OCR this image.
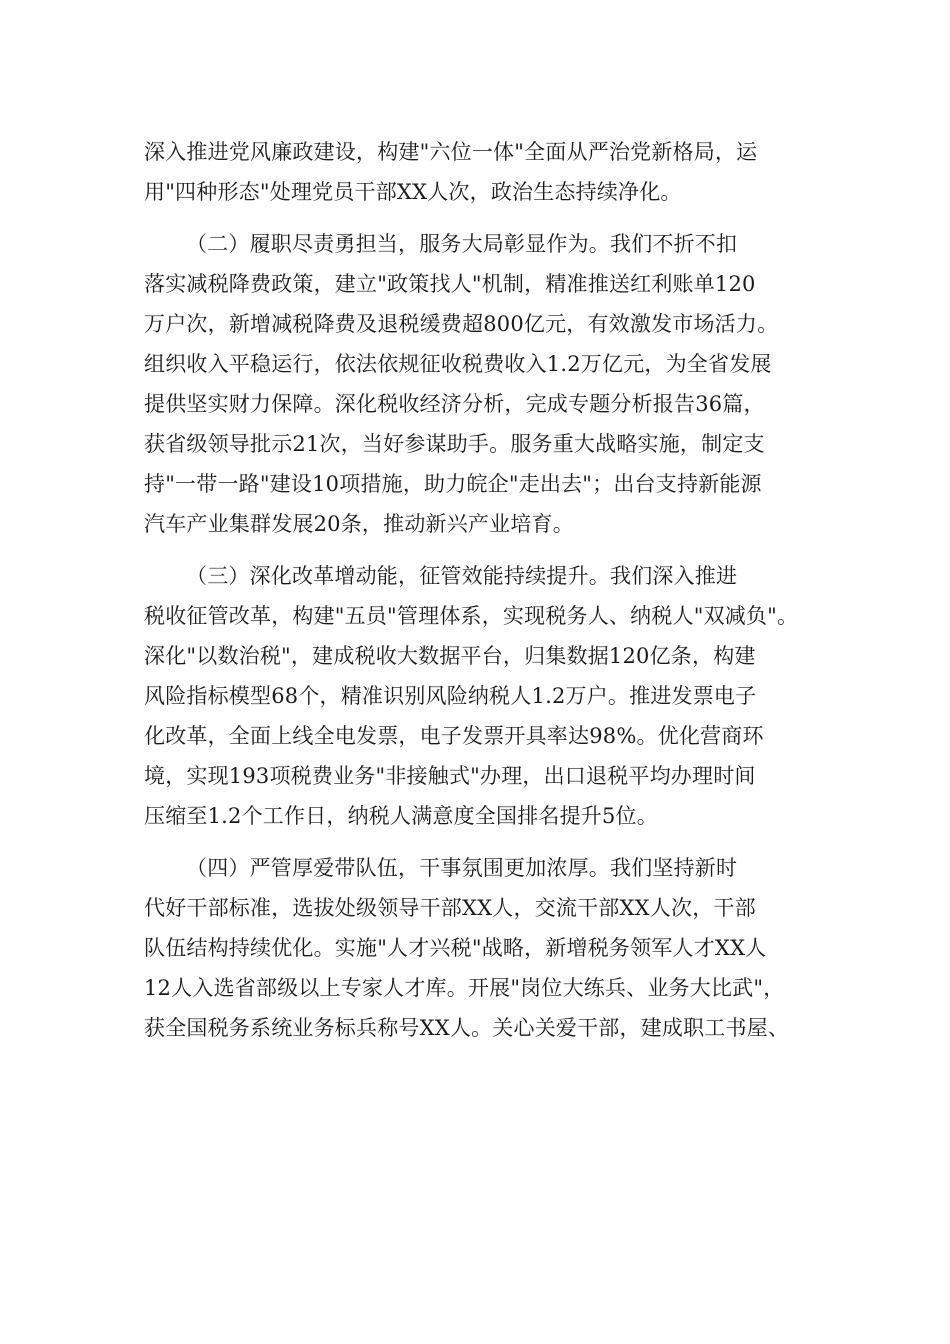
深入推进党风廉政建设，构建"六位一体"全面从严治党新格局，运
用"四种形态"处理党员干部XX人次，政治生态持续净化。

（二）履职尽责勇担当，服务大局彰显作为。我们不折不扣
落实减税降费政策，建立"政策找人"机制，精准推送红利账单120
万户次，新增减税降费及退税缓费超800亿元，有效激发市场活力。
组织收入平稳运行，依法依规征收税费收入1.2万亿元，为全省发展
提供坚实财力保障。深化税收经济分析，完成专题分析报告36篇，
获省级领导批示21次，当好参谋助手。服务重大战略实施，制定支
持"一带一路"建设10项措施，助力皖企"走出去"；出台支持新能源
汽车产业集群发展20条，推动新兴产业培育。

（三）深化改革增动能，征管效能持续提升。我们深入推进
税收征管改革，构建"五员"管理体系，实现税务人、纳税人"双减负"。
深化"以数治税"，建成税收大数据平台，归集数据120亿条，构建
风险指标模型68个，精准识别风险纳税人1.2万户。推进发票电子
化改革，全面上线全电发票，电子发票开具率达98%。优化营商环
境，实现193项税费业务"非接触式"办理，出口退税平均办理时间
压缩至1.2个工作日，纳税人满意度全国排名提升5位。

（四）严管厚爱带队伍，干事氛围更加浓厚。我们坚持新时
代好干部标准，选拔处级领导干部XX人，交流干部XX人次，干部
队伍结构持续优化。实施"人才兴税"战略，新增税务领军人才XX人
12人入选省部级以上专家人才库。开展"岗位大练兵、业务大比武"，
获全国税务系统业务标兵称号XX人。关心关爱干部，建成职工书屋、
